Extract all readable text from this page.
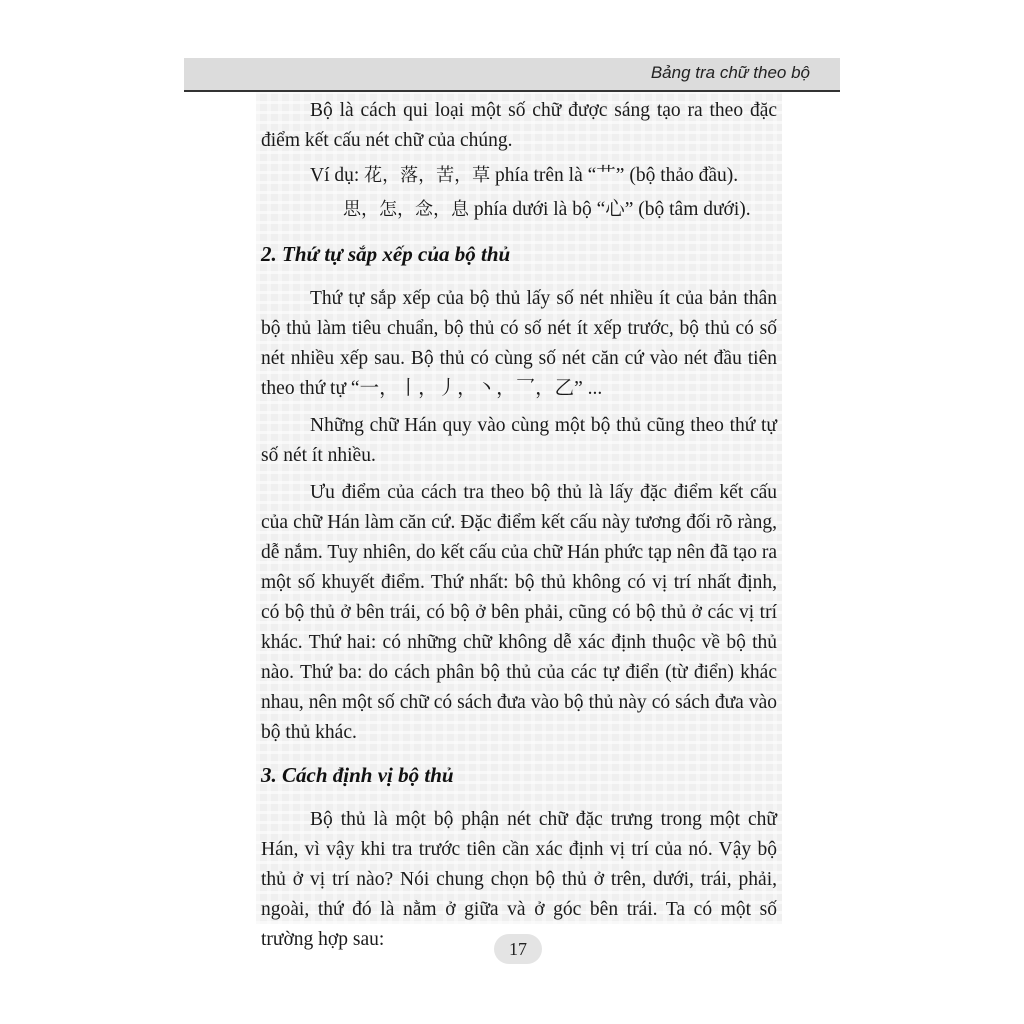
Bảng tra chữ theo bộ

Bộ là cách qui loại một số chữ được sáng tạo ra theo đặc điểm kết cấu nét chữ của chúng.

Ví dụ: 花，落，苦，草 phía trên là “艹” (bộ thảo đầu).

思，怎，念，息 phía dưới là bộ “心” (bộ tâm dưới).

2. Thứ tự sắp xếp của bộ thủ

Thứ tự sắp xếp của bộ thủ lấy số nét nhiều ít của bản thân bộ thủ làm tiêu chuẩn, bộ thủ có số nét ít xếp trước, bộ thủ có số nét nhiều xếp sau. Bộ thủ có cùng số nét căn cứ vào nét đầu tiên theo thứ tự “一，丨，丿，丶，乛，乙” ...

Những chữ Hán quy vào cùng một bộ thủ cũng theo thứ tự số nét ít nhiều.

Ưu điểm của cách tra theo bộ thủ là lấy đặc điểm kết cấu của chữ Hán làm căn cứ. Đặc điểm kết cấu này tương đối rõ ràng, dễ nắm. Tuy nhiên, do kết cấu của chữ Hán phức tạp nên đã tạo ra một số khuyết điểm. Thứ nhất: bộ thủ không có vị trí nhất định, có bộ thủ ở bên trái, có bộ ở bên phải, cũng có bộ thủ ở các vị trí khác. Thứ hai: có những chữ không dễ xác định thuộc về bộ thủ nào. Thứ ba: do cách phân bộ thủ của các tự điển (từ điển) khác nhau, nên một số chữ có sách đưa vào bộ thủ này có sách đưa vào bộ thủ khác.

3. Cách định vị bộ thủ

Bộ thủ là một bộ phận nét chữ đặc trưng trong một chữ Hán, vì vậy khi tra trước tiên cần xác định vị trí của nó. Vậy bộ thủ ở vị trí nào? Nói chung chọn bộ thủ ở trên, dưới, trái, phải, ngoài, thứ đó là nằm ở giữa và ở góc bên trái. Ta có một số trường hợp sau:	17
